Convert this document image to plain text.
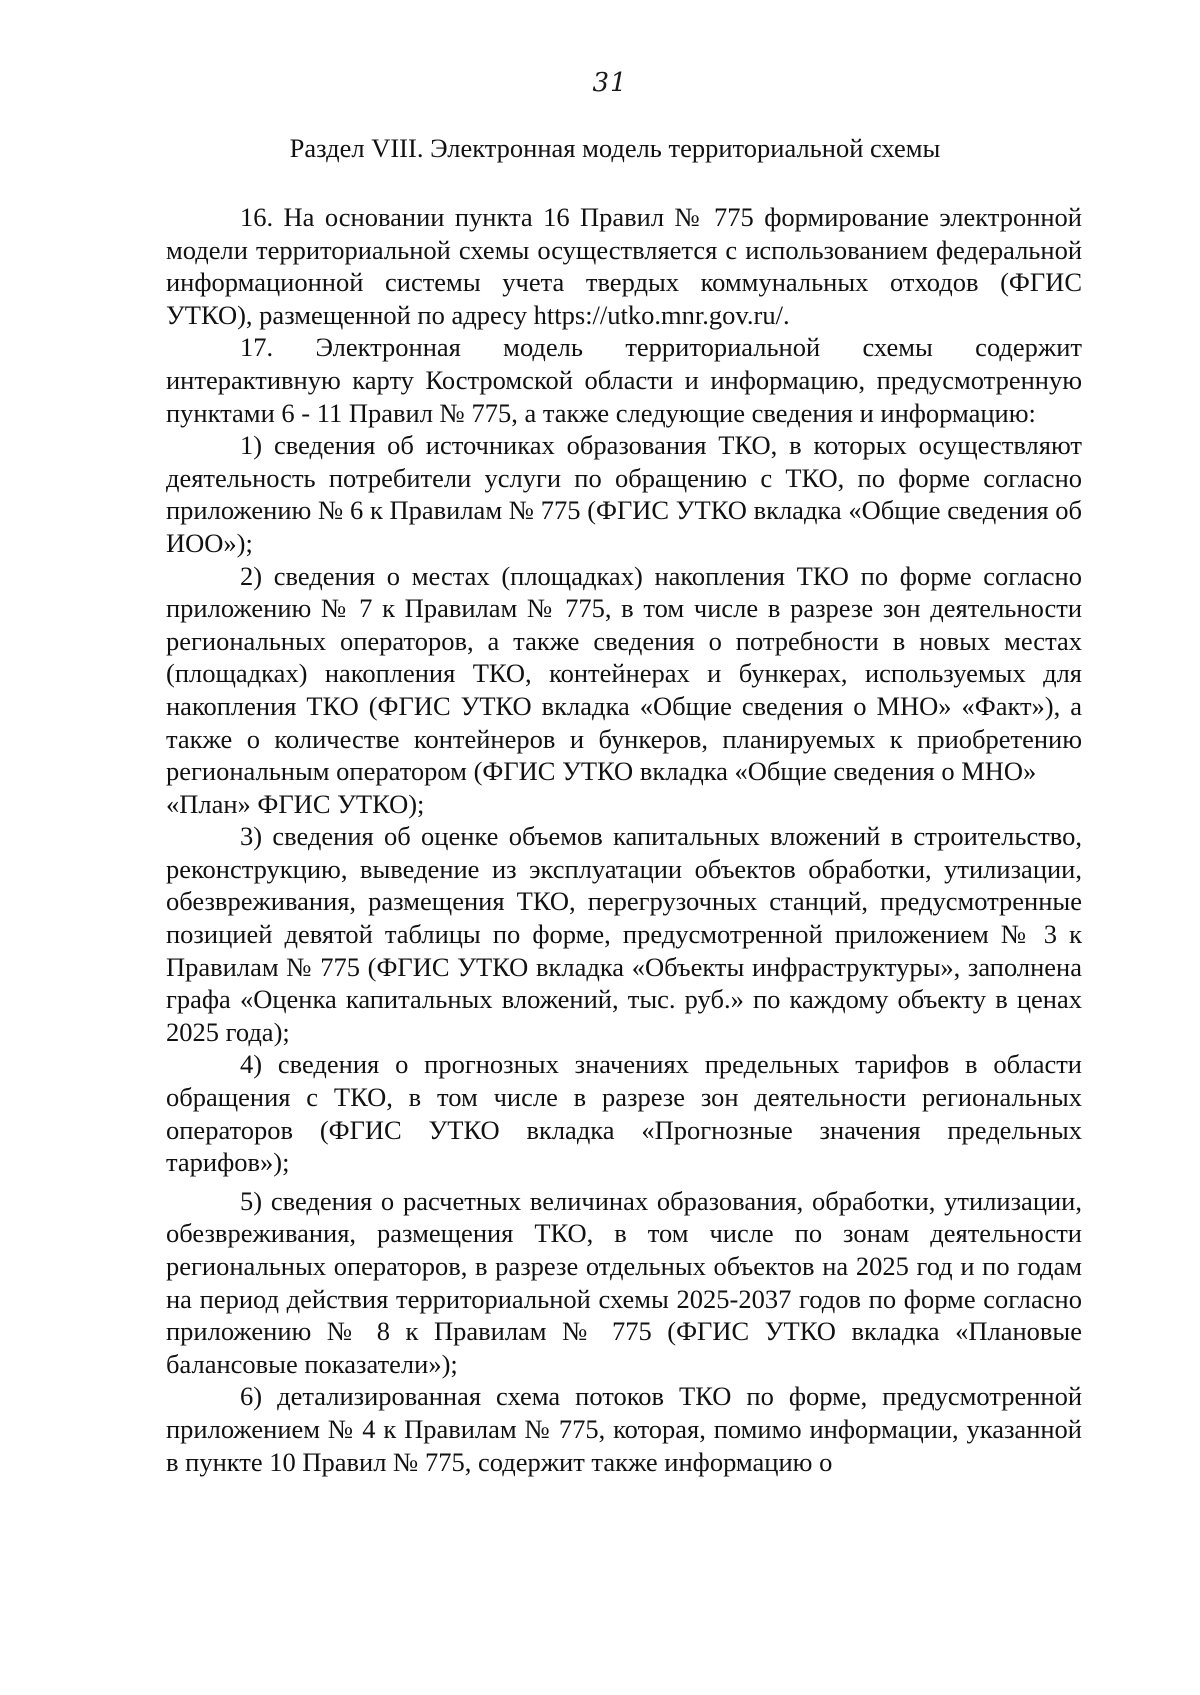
31
Раздел VIII. Электронная модель территориальной схемы

16. На основании пункта 16 Правил № 775 формирование электронной модели территориальной схемы осуществляется с использованием федеральной информационной системы учета твердых коммунальных отходов (ФГИС УТКО), размещенной по адресу https://utko.mnr.gov.ru/.

17. Электронная модель территориальной схемы содержит интерактивную карту Костромской области и информацию, предусмотренную пунктами 6 - 11 Правил № 775, а также следующие сведения и информацию:

1) сведения об источниках образования ТКО, в которых осуществляют деятельность потребители услуги по обращению с ТКО, по форме согласно приложению № 6 к Правилам № 775 (ФГИС УТКО вкладка «Общие сведения об ИОО»);

2) сведения о местах (площадках) накопления ТКО по форме согласно приложению № 7 к Правилам № 775, в том числе в разрезе зон деятельности региональных операторов, а также сведения о потребности в новых местах (площадках) накопления ТКО, контейнерах и бункерах, используемых для накопления ТКО (ФГИС УТКО вкладка «Общие сведения о МНО» «Факт»), а также о количестве контейнеров и бункеров, планируемых к приобретению региональным оператором (ФГИС УТКО вкладка «Общие сведения о МНО»

«План» ФГИС УТКО);

3) сведения об оценке объемов капитальных вложений в строительство, реконструкцию, выведение из эксплуатации объектов обработки, утилизации, обезвреживания, размещения ТКО, перегрузочных станций, предусмотренные позицией девятой таблицы по форме, предусмотренной приложением № 3 к Правилам № 775 (ФГИС УТКО вкладка «Объекты инфраструктуры», заполнена графа «Оценка капитальных вложений, тыс. руб.» по каждому объекту в ценах 2025 года);

4) сведения о прогнозных значениях предельных тарифов в области обращения с ТКО, в том числе в разрезе зон деятельности региональных операторов (ФГИС УТКО вкладка «Прогнозные значения предельных тарифов»);

5) сведения о расчетных величинах образования, обработки, утилизации, обезвреживания, размещения ТКО, в том числе по зонам деятельности региональных операторов, в разрезе отдельных объектов на 2025 год и по годам на период действия территориальной схемы 2025-2037 годов по форме согласно приложению № 8 к Правилам № 775 (ФГИС УТКО вкладка «Плановые балансовые показатели»);

6) детализированная схема потоков ТКО по форме, предусмотренной приложением № 4 к Правилам № 775, которая, помимо информации, указанной в пункте 10 Правил № 775, содержит также информацию о
